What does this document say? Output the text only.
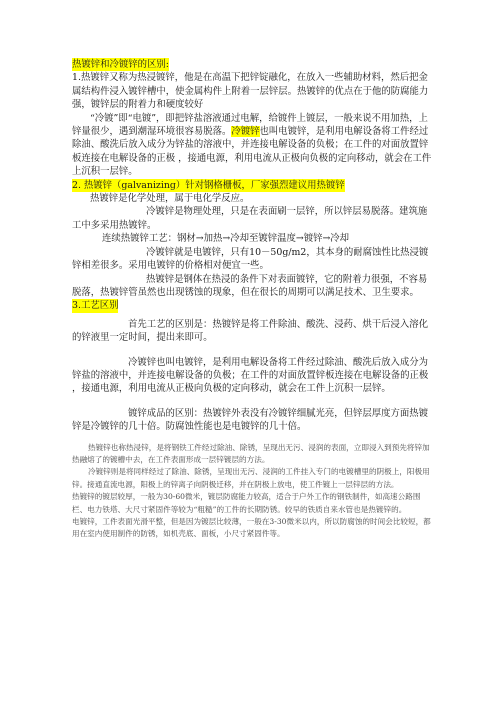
热镀锌和冷镀锌的区别:

1.热镀锌又称为热浸镀锌，他是在高温下把锌锭融化，在放入一些辅助材料，然后把金属结构件浸入镀锌槽中，使金属构件上附着一层锌层。热镀锌的优点在于他的防腐能力强，镀锌层的附着力和硬度较好

“冷镀”即“电镀”，即把锌盐溶液通过电解，给镀件上镀层，一般来说不用加热，上锌量很少，遇到潮湿环境很容易脱落。冷镀锌也叫电镀锌，是利用电解设备将工件经过除油、酸洗后放入成分为锌盐的溶液中，并连接电解设备的负极；在工件的对面放置锌板连接在电解设备的正极 ，接通电源，利用电流从正极向负极的定向移动，就会在工件上沉积一层锌。

2. 热镀锌（galvanizing）针对钢格栅板，厂家强烈建议用热镀锌

热镀锌是化学处理，属于电化学反应。

冷镀锌是物理处理，只是在表面刷一层锌，所以锌层易脱落。建筑施工中多采用热镀锌。

连续热镀锌工艺：钢材→加热→冷却至镀锌温度→镀锌→冷却

冷镀锌就是电镀锌，只有10－50g/m2，其本身的耐腐蚀性比热浸镀锌相差很多。采用电镀锌的价格相对便宜一些。

热镀锌是钢体在热浸的条件下对表面镀锌，它的附着力很强，不容易脱落，热镀锌管虽然也出现锈蚀的现象，但在很长的周期可以满足技术、卫生要求。

3.工艺区别

首先工艺的区别是：热镀锌是将工件除油、酸洗、浸药、烘干后浸入溶化的锌液里一定时间，提出来即可。

冷镀锌也叫电镀锌，是利用电解设备将工件经过除油、酸洗后放入成分为锌盐的溶液中，并连接电解设备的负极；在工件的对面放置锌板连接在电解设备的正极 ，接通电源，利用电流从正极向负极的定向移动，就会在工件上沉积一层锌。

镀锌成品的区别：热镀锌外表没有冷镀锌细腻光亮，但锌层厚度方面热镀锌是冷镀锌的几十倍。防腐蚀性能也是电镀锌的几十倍。

热镀锌也称热浸锌，是将钢铁工件经过除油、除锈，呈现出无污、浸润的表面，立即浸入到预先将锌加热融熔了的镀槽中去，在工件表面形成一层锌镀层的方法。

冷镀锌则是将同样经过了除油、除锈，呈现出无污、浸润的工件挂入专门的电镀槽里的阴极上，阳极用锌。接通直流电源，阳极上的锌离子向阴极迁移，并在阴极上放电，使工件镀上一层锌层的方法。

热镀锌的镀层较厚，一般为30-60微米，镀层防腐能力较高，适合于户外工作的钢铁制件，如高速公路围栏、电力铁塔、大尺寸紧固件等较为“粗糙”的工件的长期防锈。较早的铁质自来水管也是热镀锌的。

电镀锌，工件表面光滑平整，但是因为镀层比较薄，一般在3-30微米以内，所以防腐蚀的时间会比较短，都用在室内使用制件的防锈，如机壳底、面板，小尺寸紧固件等。
